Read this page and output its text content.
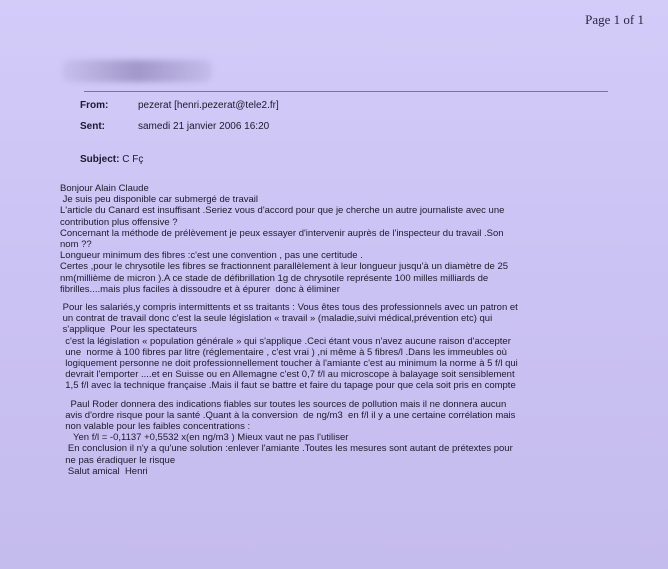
Page 1 of 1
From:	pezerat [henri.pezerat@tele2.fr]
Sent:	samedi 21 janvier 2006 16:20
Subject: C Fç
Bonjour Alain Claude
Je suis peu disponible car submergé de travail
L'article du Canard est insuffisant .Seriez vous d'accord pour que je cherche un autre journaliste avec une
contribution plus offensive ?
Concernant la méthode de prélèvement je peux essayer d'intervenir auprès de l'inspecteur du travail .Son
nom ??
Longueur minimum des fibres :c'est une convention , pas une certitude .
Certes ,pour le chrysotile les fibres se fractionnent parallèlement à leur longueur jusqu'à un diamètre de 25
nm(millième de micron ).A ce stade de défibrillation 1g de chrysotile représente 100 milles milliards de
fibrilles....mais plus faciles à dissoudre et à épurer  donc à éliminer
Pour les salariés,y compris intermittents et ss traitants : Vous êtes tous des professionnels avec un patron et
un contrat de travail donc c'est la seule législation « travail » (maladie,suivi médical,prévention etc) qui
s'applique  Pour les spectateurs
c'est la législation « population générale » qui s'applique .Ceci étant vous n'avez aucune raison d'accepter
une  norme à 100 fibres par litre (réglementaire , c'est vrai ) ,ni même à 5 fibres/l .Dans les immeubles où
logiquement personne ne doit professionnellement toucher à l'amiante c'est au minimum la norme à 5 f/l qui
devrait l'emporter ....et en Suisse ou en Allemagne c'est 0,7 f/l au microscope à balayage soit sensiblement
1,5 f/l avec la technique française .Mais il faut se battre et faire du tapage pour que cela soit pris en compte
Paul Roder donnera des indications fiables sur toutes les sources de pollution mais il ne donnera aucun
avis d'ordre risque pour la santé .Quant à la conversion  de ng/m3  en f/l il y a une certaine corrélation mais
non valable pour les faibles concentrations :
Yen f/l = -0,1137 +0,5532 x(en ng/m3 ) Mieux vaut ne pas l'utiliser
En conclusion il n'y a qu'une solution :enlever l'amiante .Toutes les mesures sont autant de prétextes pour
ne pas éradiquer le risque
Salut amical  Henri
